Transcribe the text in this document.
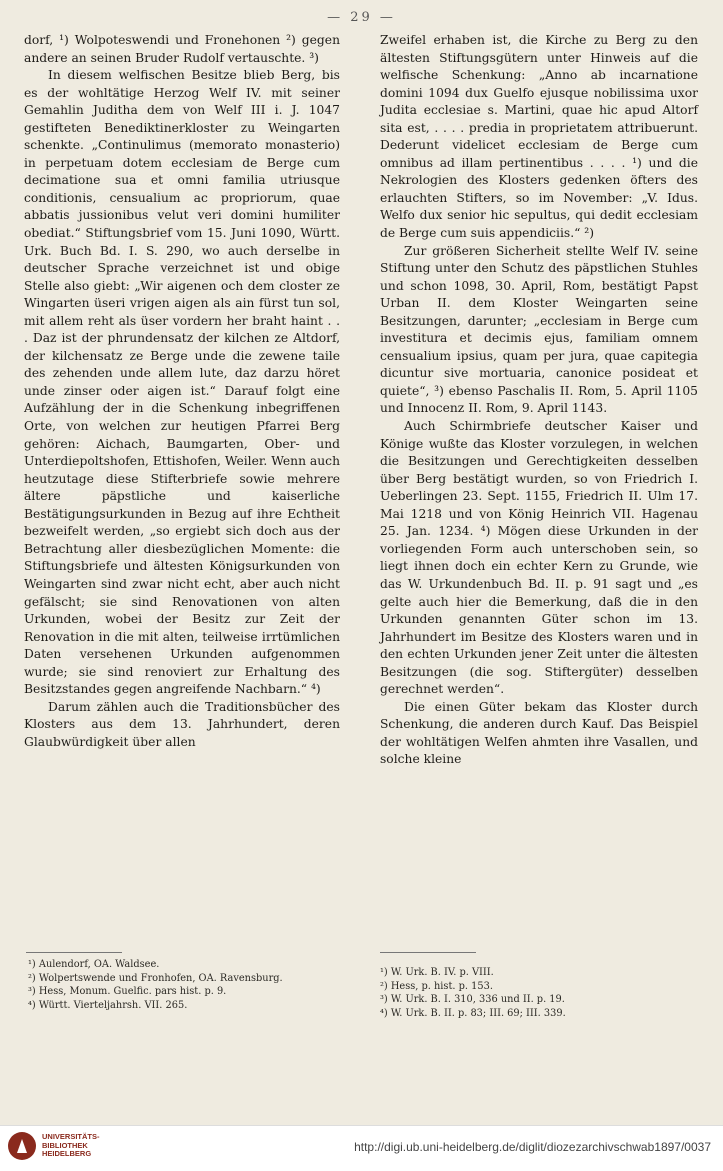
— 29 —

dorf, ¹) Wolpoteswendi und Fronehonen ²) gegen andere an seinen Bruder Rudolf vertauschte. ³)

In diesem welfischen Besitze blieb Berg, bis es der wohltätige Herzog Welf IV. mit seiner Gemahlin Juditha dem von Welf III i. J. 1047 gestifteten Benediktinerkloster zu Weingarten schenkte. „Continulimus (memorato monasterio) in perpetuam dotem ecclesiam de Berge cum decimatione sua et omni familia utriusque conditionis, censualium ac propriorum, quae abbatis jussionibus velut veri domini humiliter obediat.“ Stiftungsbrief vom 15. Juni 1090, Württ. Urk. Buch Bd. I. S. 290, wo auch derselbe in deutscher Sprache verzeichnet ist und obige Stelle also giebt: „Wir aigenen och dem closter ze Wingarten üseri vrigen aigen als ain fürst tun sol, mit allem reht als üser vordern her braht haint . . . Daz ist der phrundensatz der kilchen ze Altdorf, der kilchensatz ze Berge unde die zewene taile des zehenden unde allem lute, daz darzu höret unde zinser oder aigen ist.“ Darauf folgt eine Aufzählung der in die Schenkung inbegriffenen Orte, von welchen zur heutigen Pfarrei Berg gehören: Aichach, Baumgarten, Ober- und Unterdiepoltshofen, Ettishofen, Weiler. Wenn auch heutzutage diese Stifterbriefe sowie mehrere ältere päpstliche und kaiserliche Bestätigungsurkunden in Bezug auf ihre Echtheit bezweifelt werden, „so ergiebt sich doch aus der Betrachtung aller diesbezüglichen Momente: die Stiftungsbriefe und ältesten Königsurkunden von Weingarten sind zwar nicht echt, aber auch nicht gefälscht; sie sind Renovationen von alten Urkunden, wobei der Besitz zur Zeit der Renovation in die mit alten, teilweise irrtümlichen Daten versehenen Urkunden aufgenommen wurde; sie sind renoviert zur Erhaltung des Besitzstandes gegen angreifende Nachbarn.“ ⁴)

Darum zählen auch die Traditionsbücher des Klosters aus dem 13. Jahrhundert, deren Glaubwürdigkeit über allen

Zweifel erhaben ist, die Kirche zu Berg zu den ältesten Stiftungsgütern unter Hinweis auf die welfische Schenkung: „Anno ab incarnatione domini 1094 dux Guelfo ejusque nobilissima uxor Judita ecclesiae s. Martini, quae hic apud Altorf sita est, . . . . predia in proprietatem attribuerunt. Dederunt videlicet ecclesiam de Berge cum omnibus ad illam pertinentibus . . . . ¹) und die Nekrologien des Klosters gedenken öfters des erlauchten Stifters, so im November: „V. Idus. Welfo dux senior hic sepultus, qui dedit ecclesiam de Berge cum suis appendiciis.“ ²)

Zur größeren Sicherheit stellte Welf IV. seine Stiftung unter den Schutz des päpstlichen Stuhles und schon 1098, 30. April, Rom, bestätigt Papst Urban II. dem Kloster Weingarten seine Besitzungen, darunter; „ecclesiam in Berge cum investitura et decimis ejus, familiam omnem censualium ipsius, quam per jura, quae capitegia dicuntur sive mortuaria, canonice posideat et quiete“, ³) ebenso Paschalis II. Rom, 5. April 1105 und Innocenz II. Rom, 9. April 1143.

Auch Schirmbriefe deutscher Kaiser und Könige wußte das Kloster vorzulegen, in welchen die Besitzungen und Gerechtigkeiten desselben über Berg bestätigt wurden, so von Friedrich I. Ueberlingen 23. Sept. 1155, Friedrich II. Ulm 17. Mai 1218 und von König Heinrich VII. Hagenau 25. Jan. 1234. ⁴) Mögen diese Urkunden in der vorliegenden Form auch unterschoben sein, so liegt ihnen doch ein echter Kern zu Grunde, wie das W. Urkundenbuch Bd. II. p. 91 sagt und „es gelte auch hier die Bemerkung, daß die in den Urkunden genannten Güter schon im 13. Jahrhundert im Besitze des Klosters waren und in den echten Urkunden jener Zeit unter die ältesten Besitzungen (die sog. Stiftergüter) desselben gerechnet werden“.

Die einen Güter bekam das Kloster durch Schenkung, die anderen durch Kauf. Das Beispiel der wohltätigen Welfen ahmten ihre Vasallen, und solche kleine

¹) Aulendorf, OA. Waldsee.

²) Wolpertswende und Fronhofen, OA. Ravensburg.

³) Hess, Monum. Guelfic. pars hist. p. 9.

⁴) Württ. Vierteljahrsh. VII. 265.

¹) W. Urk. B. IV. p. VIII.

²) Hess, p. hist. p. 153.

³) W. Urk. B. I. 310, 336 und II. p. 19.

⁴) W. Urk. B. II. p. 83; III. 69; III. 339.

UNIVERSITÄTS-
BIBLIOTHEK
HEIDELBERG	http://digi.ub.uni-heidelberg.de/diglit/diozezarchivschwab1897/0037
